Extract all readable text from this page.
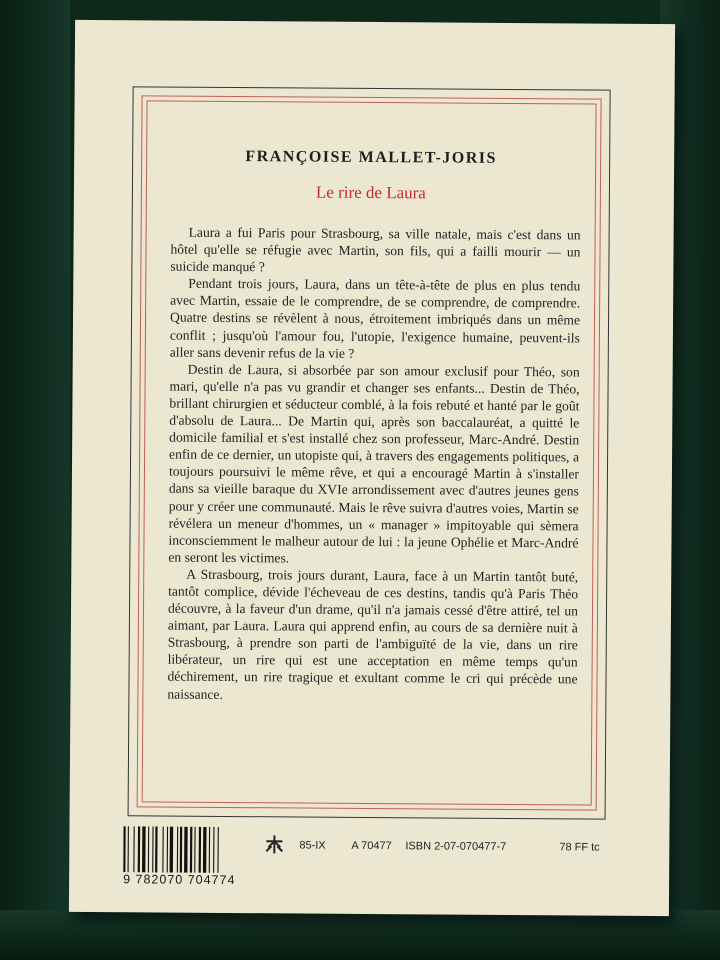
FRANÇOISE MALLET-JORIS
Le rire de Laura

Laura a fui Paris pour Strasbourg, sa ville natale, mais c'est dans un hôtel qu'elle se réfugie avec Martin, son fils, qui a failli mourir — un suicide manqué ?

Pendant trois jours, Laura, dans un tête-à-tête de plus en plus tendu avec Martin, essaie de le comprendre, de se comprendre, de comprendre. Quatre destins se révèlent à nous, étroitement imbriqués dans un même conflit ; jusqu'où l'amour fou, l'utopie, l'exigence humaine, peuvent-ils aller sans devenir refus de la vie ?

Destin de Laura, si absorbée par son amour exclusif pour Théo, son mari, qu'elle n'a pas vu grandir et changer ses enfants... Destin de Théo, brillant chirurgien et séducteur comblé, à la fois rebuté et hanté par le goût d'absolu de Laura... De Martin qui, après son baccalauréat, a quitté le domicile familial et s'est installé chez son professeur, Marc-André. Destin enfin de ce dernier, un utopiste qui, à travers des engagements politiques, a toujours poursuivi le même rêve, et qui a encouragé Martin à s'installer dans sa vieille baraque du XVIe arrondissement avec d'autres jeunes gens pour y créer une communauté. Mais le rêve suivra d'autres voies, Martin se révélera un meneur d'hommes, un « manager » impitoyable qui sèmera inconsciemment le malheur autour de lui : la jeune Ophélie et Marc-André en seront les victimes.

A Strasbourg, trois jours durant, Laura, face à un Martin tantôt buté, tantôt complice, dévide l'écheveau de ces destins, tandis qu'à Paris Théo découvre, à la faveur d'un drame, qu'il n'a jamais cessé d'être attiré, tel un aimant, par Laura. Laura qui apprend enfin, au cours de sa dernière nuit à Strasbourg, à prendre son parti de l'ambiguïté de la vie, dans un rire libérateur, un rire qui est une acceptation en même temps qu'un déchirement, un rire tragique et exultant comme le cri qui précède une naissance.

9 782070 704774
85-IX A 70477 ISBN 2-07-070477-7	78 FF tc
